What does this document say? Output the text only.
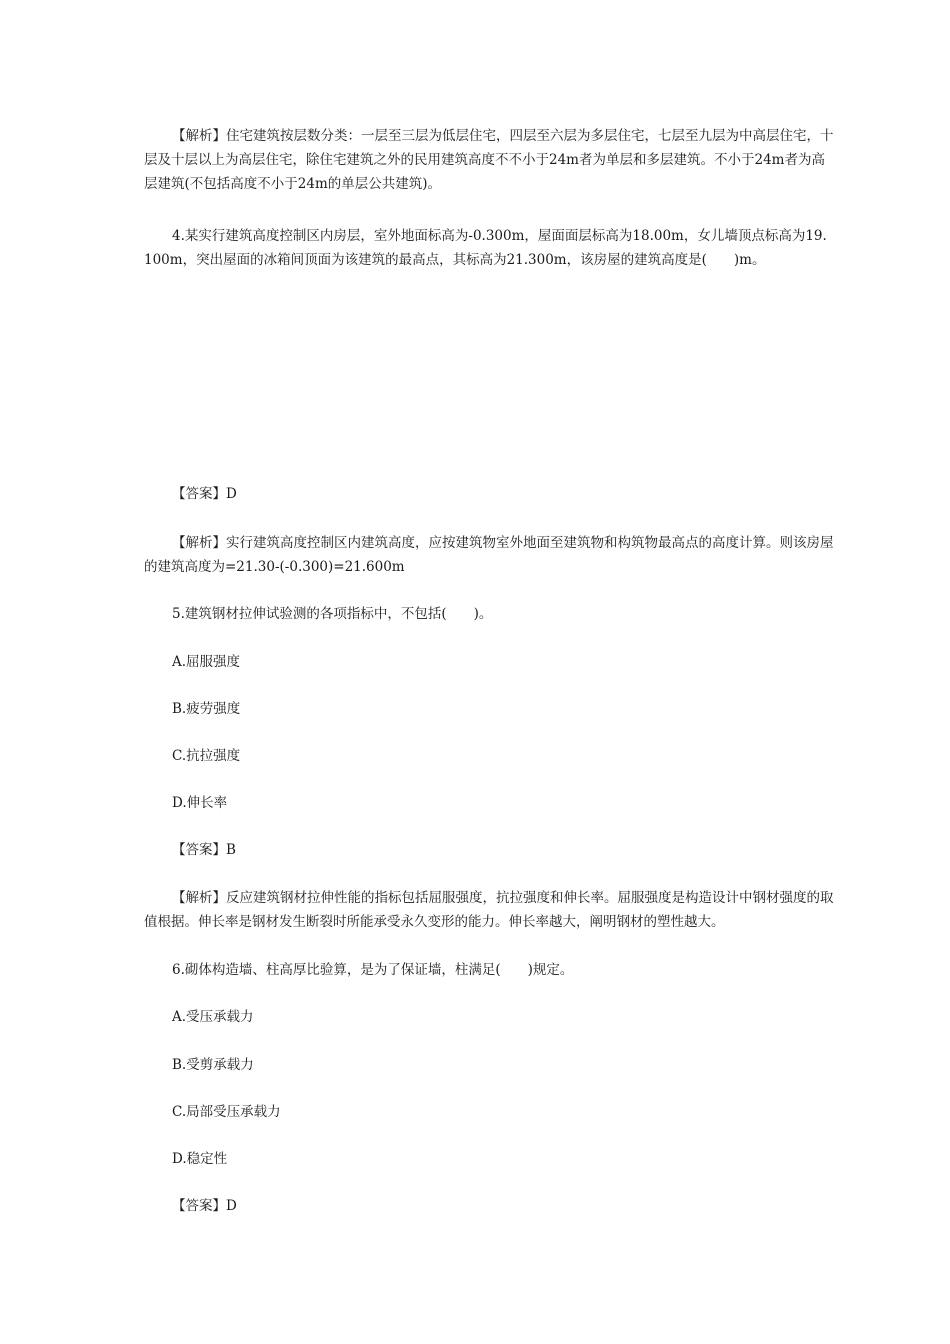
【解析】住宅建筑按层数分类：一层至三层为低层住宅，四层至六层为多层住宅，七层至九层为中高层住宅，十层及十层以上为高层住宅，除住宅建筑之外的民用建筑高度不不小于24m者为单层和多层建筑。不小于24m者为高层建筑(不包括高度不小于24m的单层公共建筑)。
4.某实行建筑高度控制区内房层，室外地面标高为-0.300m，屋面面层标高为18.00m，女儿墙顶点标高为19.100m，突出屋面的冰箱间顶面为该建筑的最高点，其标高为21.300m，该房屋的建筑高度是(　　)m。
【答案】D
【解析】实行建筑高度控制区内建筑高度，应按建筑物室外地面至建筑物和构筑物最高点的高度计算。则该房屋的建筑高度为=21.30-(-0.300)=21.600m
5.建筑钢材拉伸试验测的各项指标中，不包括(　　)。
A.屈服强度
B.疲劳强度
C.抗拉强度
D.伸长率
【答案】B
【解析】反应建筑钢材拉伸性能的指标包括屈服强度，抗拉强度和伸长率。屈服强度是构造设计中钢材强度的取值根据。伸长率是钢材发生断裂时所能承受永久变形的能力。伸长率越大，阐明钢材的塑性越大。
6.砌体构造墙、柱高厚比验算，是为了保证墙，柱满足(　　)规定。
A.受压承载力
B.受剪承载力
C.局部受压承载力
D.稳定性
【答案】D
